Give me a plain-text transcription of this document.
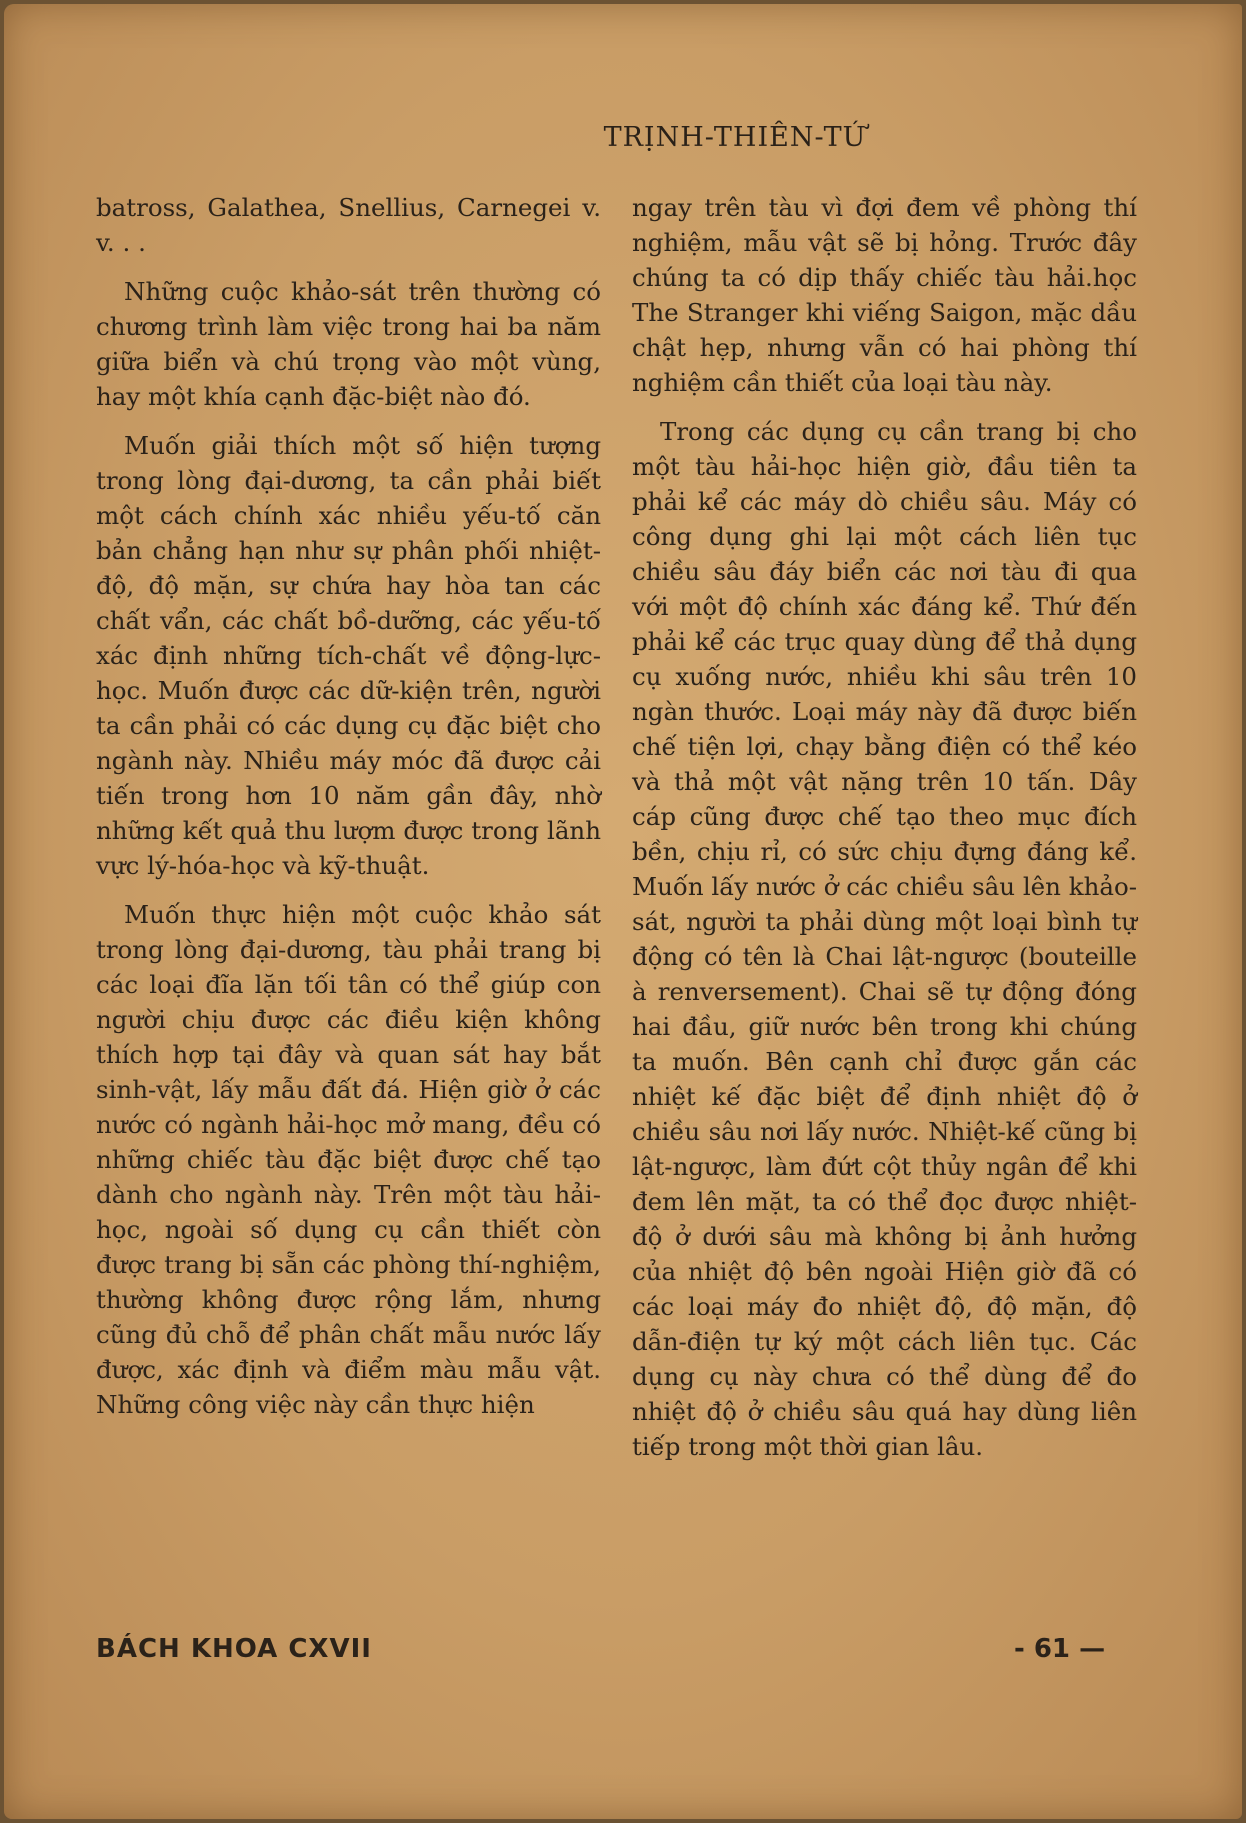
TRỊNH-THIÊN-TỨ

batross, Galathea, Snellius, Carnegei v. v. . .

Những cuộc khảo-sát trên thường có chương trình làm việc trong hai ba năm giữa biển và chú trọng vào một vùng, hay một khía cạnh đặc-biệt nào đó.

Muốn giải thích một số hiện tượng trong lòng đại-dương, ta cần phải biết một cách chính xác nhiều yếu-tố căn bản chẳng hạn như sự phân phối nhiệt-độ, độ mặn, sự chứa hay hòa tan các chất vẩn, các chất bồ-dưỡng, các yếu-tố xác định những tích-chất về động-lực-học. Muốn được các dữ-kiện trên, người ta cần phải có các dụng cụ đặc biệt cho ngành này. Nhiều máy móc đã được cải tiến trong hơn 10 năm gần đây, nhờ những kết quả thu lượm được trong lãnh vực lý-hóa-học và kỹ-thuật.

Muốn thực hiện một cuộc khảo sát trong lòng đại-dương, tàu phải trang bị các loại đĩa lặn tối tân có thể giúp con người chịu được các điều kiện không thích hợp tại đây và quan sát hay bắt sinh-vật, lấy mẫu đất đá. Hiện giờ ở các nước có ngành hải-học mở mang, đều có những chiếc tàu đặc biệt được chế tạo dành cho ngành này. Trên một tàu hải-học, ngoài số dụng cụ cần thiết còn được trang bị sẵn các phòng thí-nghiệm, thường không được rộng lắm, nhưng cũng đủ chỗ để phân chất mẫu nước lấy được, xác định và điểm màu mẫu vật. Những công việc này cần thực hiện

ngay trên tàu vì đợi đem về phòng thí nghiệm, mẫu vật sẽ bị hỏng. Trước đây chúng ta có dịp thấy chiếc tàu hải.học The Stranger khi viếng Saigon, mặc dầu chật hẹp, nhưng vẫn có hai phòng thí nghiệm cần thiết của loại tàu này.

Trong các dụng cụ cần trang bị cho một tàu hải-học hiện giờ, đầu tiên ta phải kể các máy dò chiều sâu. Máy có công dụng ghi lại một cách liên tục chiều sâu đáy biển các nơi tàu đi qua với một độ chính xác đáng kể. Thứ đến phải kể các trục quay dùng để thả dụng cụ xuống nước, nhiều khi sâu trên 10 ngàn thước. Loại máy này đã được biến chế tiện lợi, chạy bằng điện có thể kéo và thả một vật nặng trên 10 tấn. Dây cáp cũng được chế tạo theo mục đích bền, chịu rỉ, có sức chịu đựng đáng kể. Muốn lấy nước ở các chiều sâu lên khảo-sát, người ta phải dùng một loại bình tự động có tên là Chai lật-ngược (bouteille à renversement). Chai sẽ tự động đóng hai đầu, giữ nước bên trong khi chúng ta muốn. Bên cạnh chỉ được gắn các nhiệt kế đặc biệt để định nhiệt độ ở chiều sâu nơi lấy nước. Nhiệt-kế cũng bị lật-ngược, làm đứt cột thủy ngân để khi đem lên mặt, ta có thể đọc được nhiệt-độ ở dưới sâu mà không bị ảnh hưởng của nhiệt độ bên ngoài Hiện giờ đã có các loại máy đo nhiệt độ, độ mặn, độ dẫn-điện tự ký một cách liên tục. Các dụng cụ này chưa có thể dùng để đo nhiệt độ ở chiều sâu quá hay dùng liên tiếp trong một thời gian lâu.

BÁCH KHOA CXVII	- 61 —
